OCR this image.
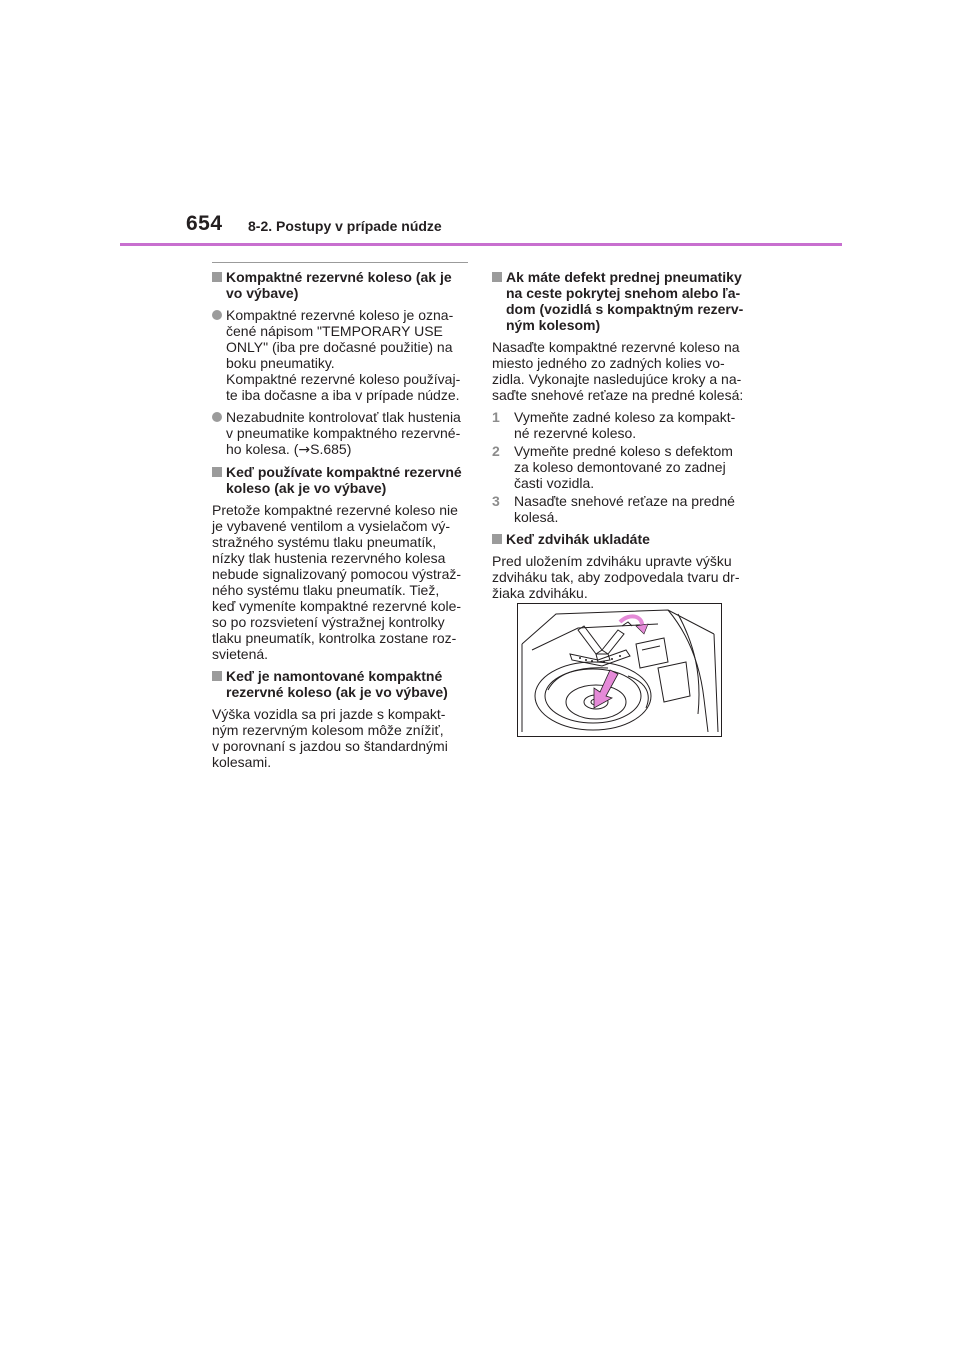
654 8-2. Postupy v prípade núdze
Kompaktné rezervné koleso (ak je
vo výbave)
Kompaktné rezervné koleso je ozna-
čené nápisom "TEMPORARY USE
ONLY" (iba pre dočasné použitie) na
boku pneumatiky.
Kompaktné rezervné koleso používaj-
te iba dočasne a iba v prípade núdze.
Nezabudnite kontrolovať tlak hustenia
v pneumatike kompaktného rezervné-
ho kolesa. (→S.685)
Keď používate kompaktné rezervné
koleso (ak je vo výbave)
Pretože kompaktné rezervné koleso nie
je vybavené ventilom a vysielačom vý-
stražného systému tlaku pneumatík,
nízky tlak hustenia rezervného kolesa
nebude signalizovaný pomocou výstraž-
ného systému tlaku pneumatík. Tiež,
keď vymeníte kompaktné rezervné kole-
so po rozsvietení výstražnej kontrolky
tlaku pneumatík, kontrolka zostane roz-
svietená.
Keď je namontované kompaktné
rezervné koleso (ak je vo výbave)
Výška vozidla sa pri jazde s kompakt-
ným rezervným kolesom môže znížiť,
v porovnaní s jazdou so štandardnými
kolesami.
Ak máte defekt prednej pneumatiky
na ceste pokrytej snehom alebo ľa-
dom (vozidlá s kompaktným rezerv-
ným kolesom)
Nasaďte kompaktné rezervné koleso na
miesto jedného zo zadných kolies vo-
zidla. Vykonajte nasledujúce kroky a na-
saďte snehové reťaze na predné kolesá:
1 Vymeňte zadné koleso za kompakt-
né rezervné koleso.
2 Vymeňte predné koleso s defektom
za koleso demontované zo zadnej
časti vozidla.
3 Nasaďte snehové reťaze na predné
kolesá.
Keď zdvihák ukladáte
Pred uložením zdviháku upravte výšku
zdviháku tak, aby zodpovedala tvaru dr-
žiaka zdviháku.
